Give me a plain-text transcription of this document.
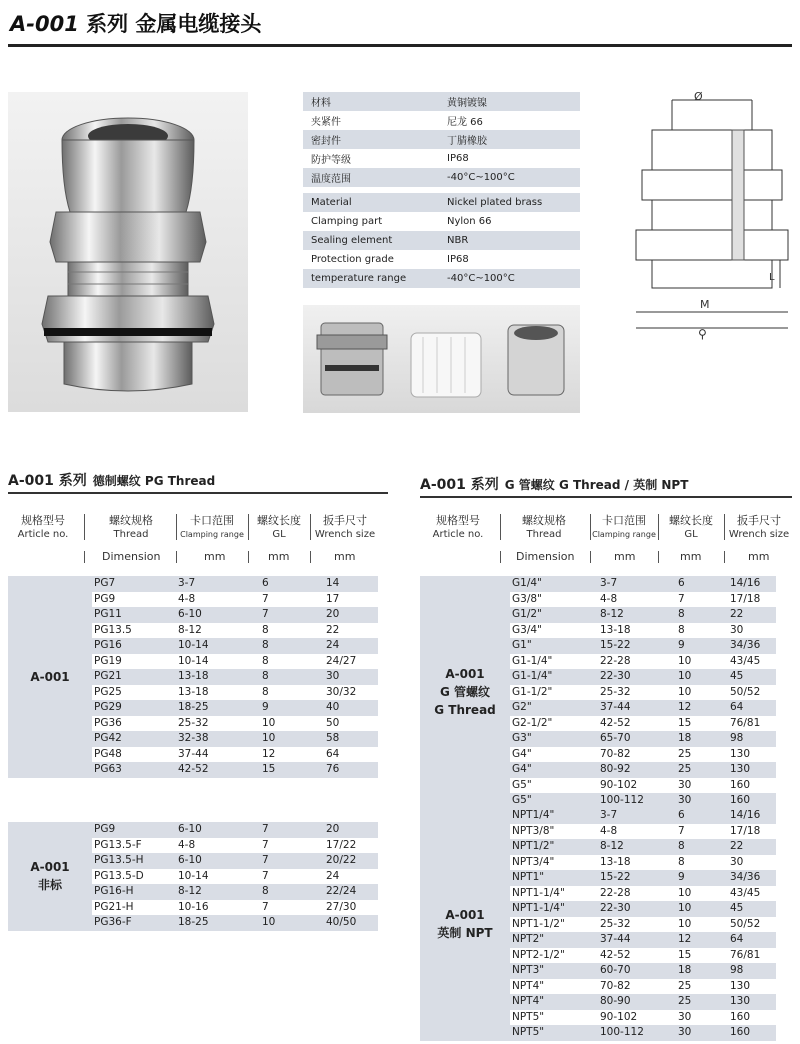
A-001 系列 金属电缆接头
材料	黄铜镀镍
夹紧件	尼龙 66
密封件	丁腈橡胶
防护等级	IP68
温度范围	-40°C~100°C

Material	Nickel plated brass
Clamping part	Nylon 66
Sealing element	NBR
Protection grade	IP68
temperature range	-40°C~100°C
Ø
L
M
⚲
A-001 系列 德制螺纹 PG Thread
规格型号
Article no.
螺纹规格
Thread
卡口范围
Clamping range
螺纹长度
GL
扳手尺寸
Wrench size
Dimension	mm	mm	mm
A-001	PG7	3-7	6	14
	PG9	4-8	7	17
	PG11	6-10	7	20
	PG13.5	8-12	8	22
	PG16	10-14	8	24
	PG19	10-14	8	24/27
	PG21	13-18	8	30
	PG25	13-18	8	30/32
	PG29	18-25	9	40
	PG36	25-32	10	50
	PG42	32-38	10	58
	PG48	37-44	12	64
	PG63	42-52	15	76
A-001
非标	PG9	6-10	7	20
	PG13.5-F	4-8	7	17/22
	PG13.5-H	6-10	7	20/22
	PG13.5-D	10-14	7	24
	PG16-H	8-12	8	22/24
	PG21-H	10-16	7	27/30
	PG36-F	18-25	10	40/50
A-001 系列 G 管螺纹 G Thread / 英制 NPT
规格型号
Article no.
螺纹规格
Thread
卡口范围
Clamping range
螺纹长度
GL
扳手尺寸
Wrench size
Dimension	mm	mm	mm
A-001
G 管螺纹
G Thread	G1/4"	3-7	6	14/16
	G3/8"	4-8	7	17/18
	G1/2"	8-12	8	22
	G3/4"	13-18	8	30
	G1"	15-22	9	34/36
	G1-1/4"	22-28	10	43/45
	G1-1/4"	22-30	10	45
	G1-1/2"	25-32	10	50/52
	G2"	37-44	12	64
	G2-1/2"	42-52	15	76/81
	G3"	65-70	18	98
	G4"	70-82	25	130
	G4"	80-92	25	130
	G5"	90-102	30	160
	G5"	100-112	30	160
A-001
英制 NPT	NPT1/4"	3-7	6	14/16
	NPT3/8"	4-8	7	17/18
	NPT1/2"	8-12	8	22
	NPT3/4"	13-18	8	30
	NPT1"	15-22	9	34/36
	NPT1-1/4"	22-28	10	43/45
	NPT1-1/4"	22-30	10	45
	NPT1-1/2"	25-32	10	50/52
	NPT2"	37-44	12	64
	NPT2-1/2"	42-52	15	76/81
	NPT3"	60-70	18	98
	NPT4"	70-82	25	130
	NPT4"	80-90	25	130
	NPT5"	90-102	30	160
	NPT5"	100-112	30	160
